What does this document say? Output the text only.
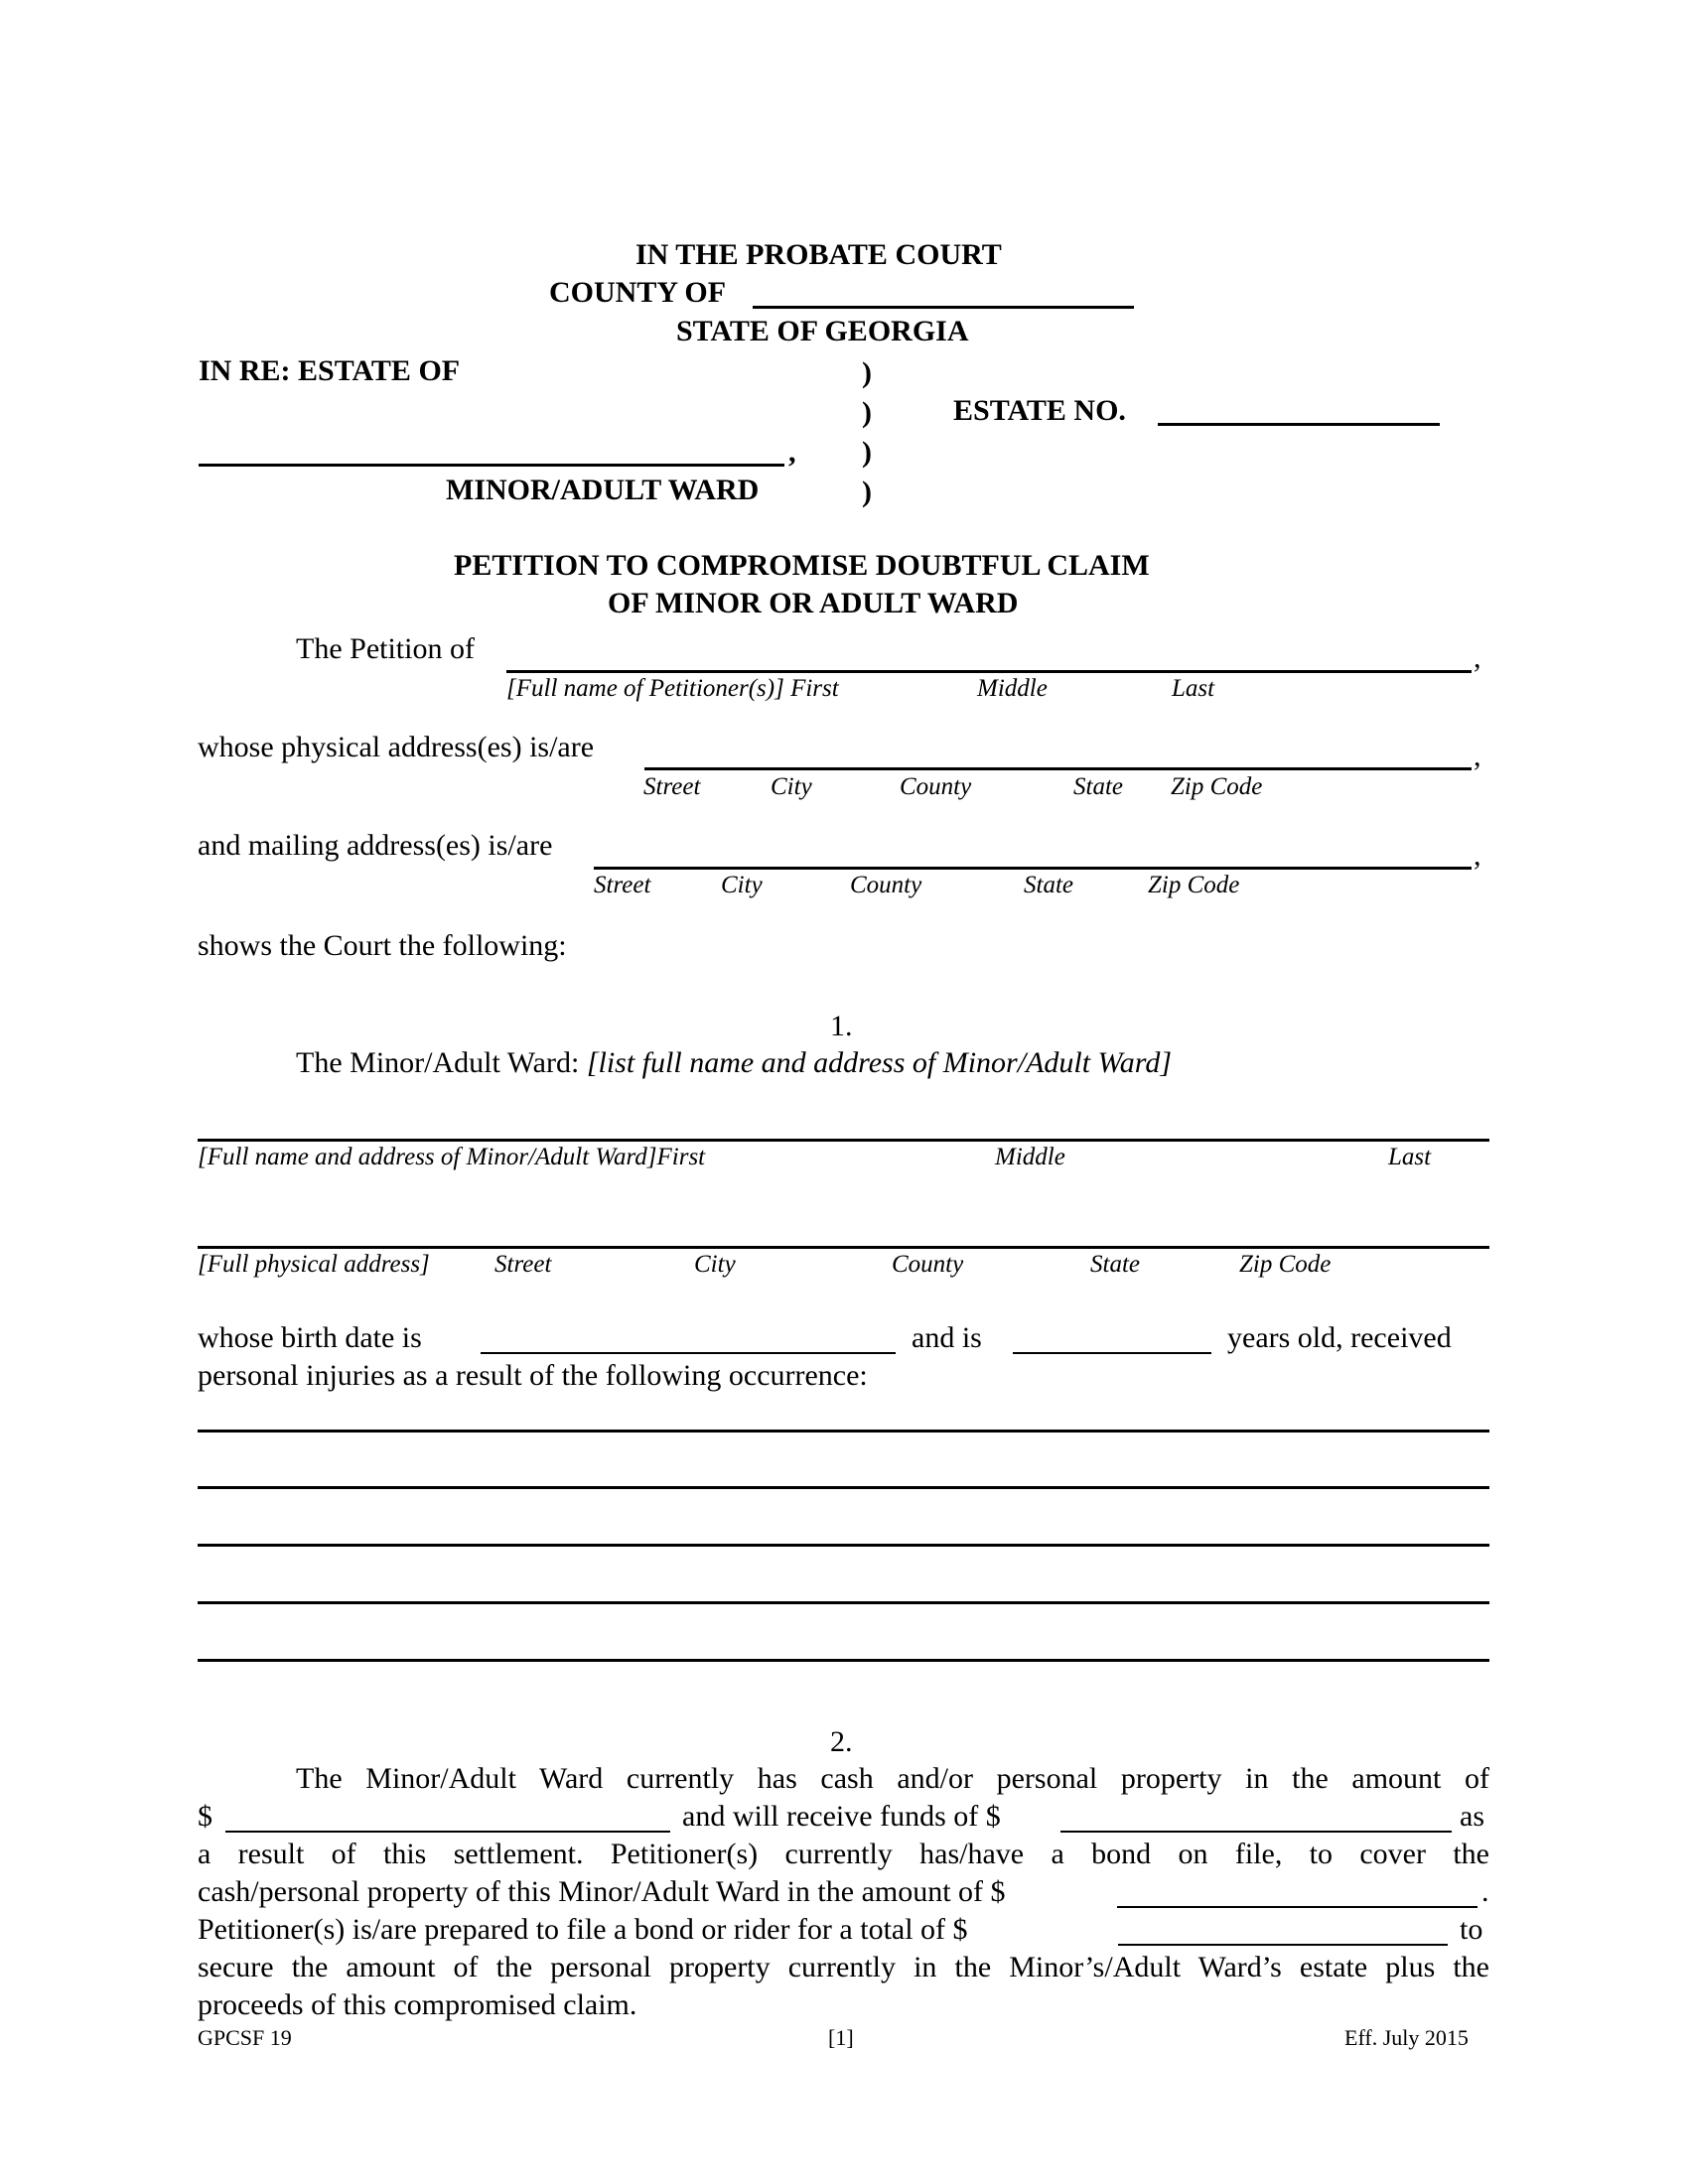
IN THE PROBATE COURT
COUNTY OF
STATE OF GEORGIA
IN RE: ESTATE OF	)
)	ESTATE NO.
, )
MINOR/ADULT WARD	)
PETITION TO COMPROMISE DOUBTFUL CLAIM
OF MINOR OR ADULT WARD
The Petition of	,
[Full name of Petitioner(s)] First	Middle	Last
whose physical address(es) is/are	,
Street	City	County	State Zip Code
and mailing address(es) is/are	,
Street	City	County	State	Zip Code
shows the Court the following:
1.
The Minor/Adult Ward: [list full name and address of Minor/Adult Ward]
[Full name and address of Minor/Adult Ward]First	Middle	Last
[Full physical address]	Street	City	County	State	Zip Code
whose birth date is	and is	years old, received
personal injuries as a result of the following occurrence:
2.
The Minor/Adult Ward currently has cash and/or personal property in the amount of
$	and will receive funds of $	as
a result of this settlement. Petitioner(s) currently has/have a bond on file, to cover the
cash/personal property of this Minor/Adult Ward in the amount of $	.
Petitioner(s) is/are prepared to file a bond or rider for a total of $	to
secure the amount of the personal property currently in the Minor’s/Adult Ward’s estate plus the
proceeds of this compromised claim.
GPCSF 19	[1]	Eff. July 2015
